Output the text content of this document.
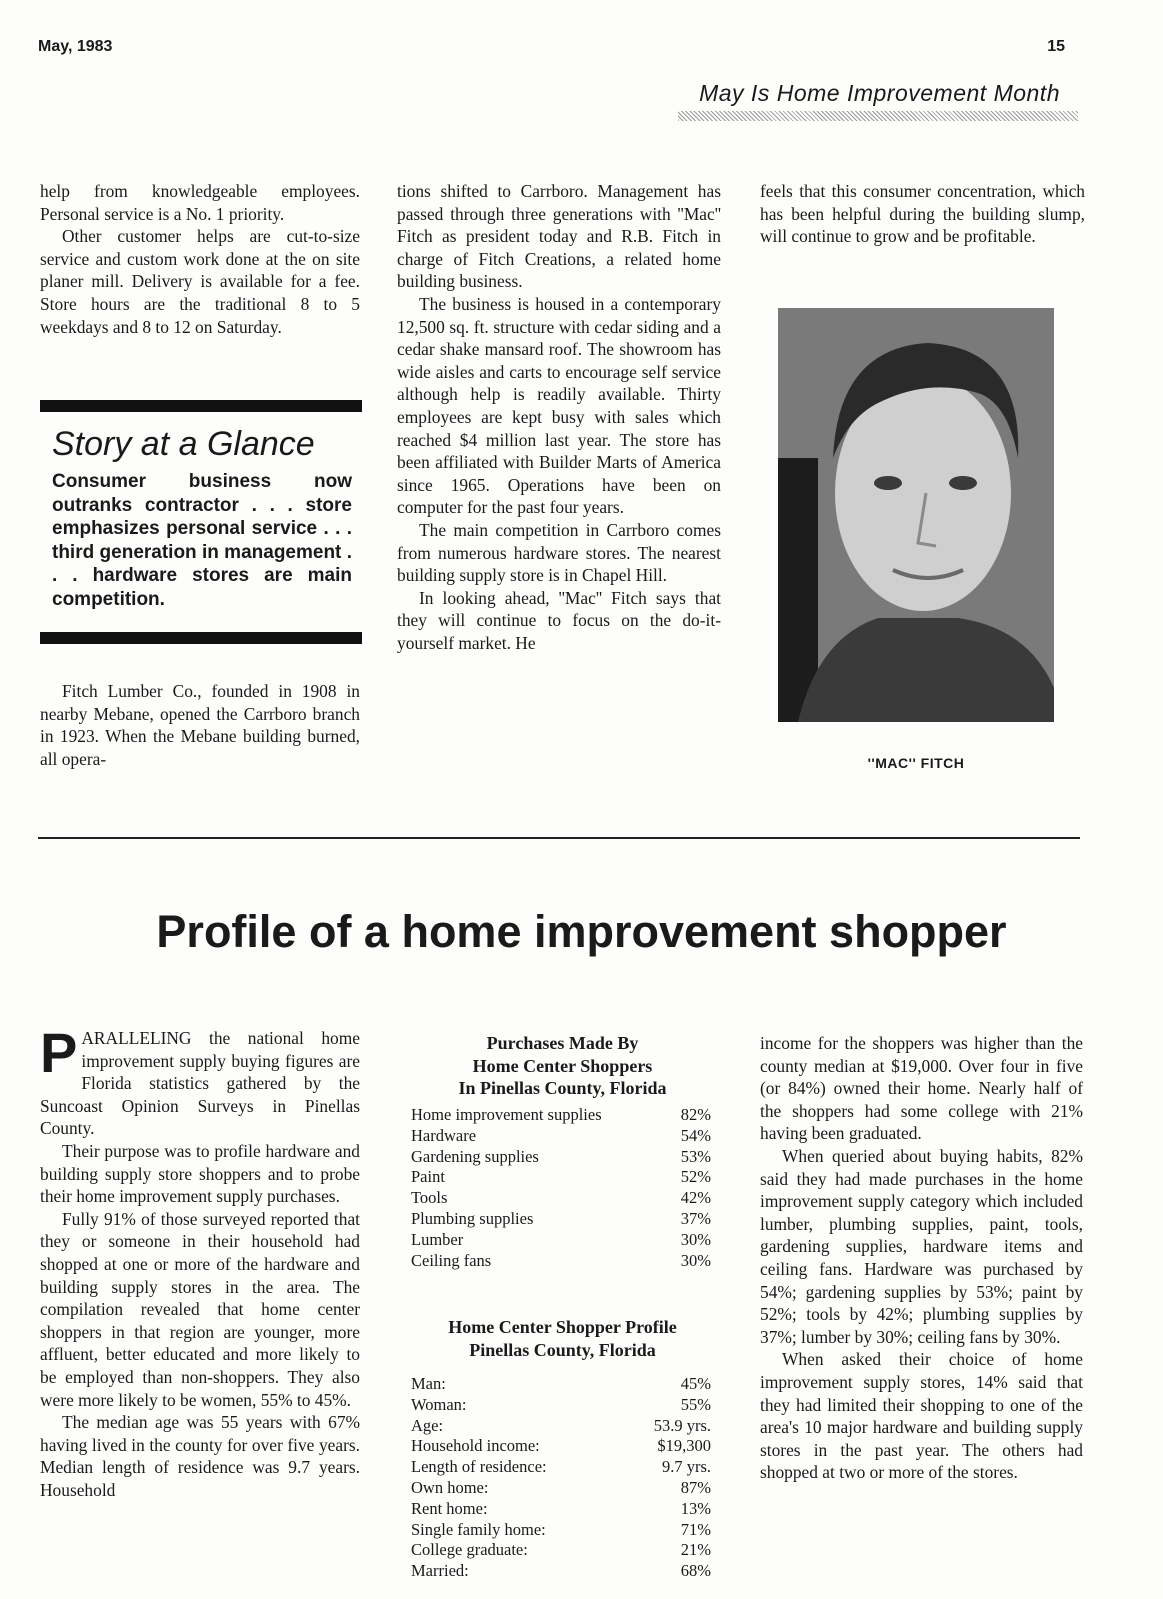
May, 1983	15
May Is Home Improvement Month

help from knowledgeable employees. Personal service is a No. 1 priority.

Other customer helps are cut-to-size service and custom work done at the on site planer mill. Delivery is available for a fee. Store hours are the traditional 8 to 5 weekdays and 8 to 12 on Saturday.

Story at a Glance
Consumer business now outranks contractor . . . store emphasizes personal service . . . third generation in management . . . hardware stores are main competition.

Fitch Lumber Co., founded in 1908 in nearby Mebane, opened the Carrboro branch in 1923. When the Mebane building burned, all opera-

tions shifted to Carrboro. Management has passed through three generations with ''Mac'' Fitch as president today and R.B. Fitch in charge of Fitch Creations, a related home building business.

The business is housed in a contemporary 12,500 sq. ft. structure with cedar siding and a cedar shake mansard roof. The showroom has wide aisles and carts to encourage self service although help is readily available. Thirty employees are kept busy with sales which reached $4 million last year. The store has been affiliated with Builder Marts of America since 1965. Operations have been on computer for the past four years.

The main competition in Carrboro comes from numerous hardware stores. The nearest building supply store is in Chapel Hill.

In looking ahead, ''Mac'' Fitch says that they will continue to focus on the do-it-yourself market. He

feels that this consumer concentration, which has been helpful during the building slump, will continue to grow and be profitable.

''MAC'' FITCH
Profile of a home improvement shopper

PARALLELING the national home improvement supply buying figures are Florida statistics gathered by the Suncoast Opinion Surveys in Pinellas County.

Their purpose was to profile hardware and building supply store shoppers and to probe their home improvement supply purchases.

Fully 91% of those surveyed reported that they or someone in their household had shopped at one or more of the hardware and building supply stores in the area. The compilation revealed that home center shoppers in that region are younger, more affluent, better educated and more likely to be employed than non-shoppers. They also were more likely to be women, 55% to 45%.

The median age was 55 years with 67% having lived in the county for over five years. Median length of residence was 9.7 years. Household

Purchases Made By
Home Center Shoppers
In Pinellas County, Florida
Home improvement supplies	82%
Hardware	54%
Gardening supplies	53%
Paint	52%
Tools	42%
Plumbing supplies	37%
Lumber	30%
Ceiling fans	30%
Home Center Shopper Profile
Pinellas County, Florida
Man:	45%
Woman:	55%
Age:	53.9 yrs.
Household income:	$19,300
Length of residence:	9.7 yrs.
Own home:	87%
Rent home:	13%
Single family home:	71%
College graduate:	21%
Married:	68%

income for the shoppers was higher than the county median at $19,000. Over four in five (or 84%) owned their home. Nearly half of the shoppers had some college with 21% having been graduated.

When queried about buying habits, 82% said they had made purchases in the home improvement supply category which included lumber, plumbing supplies, paint, tools, gardening supplies, hardware items and ceiling fans. Hardware was purchased by 54%; gardening supplies by 53%; paint by 52%; tools by 42%; plumbing supplies by 37%; lumber by 30%; ceiling fans by 30%.

When asked their choice of home improvement supply stores, 14% said that they had limited their shopping to one of the area's 10 major hardware and building supply stores in the past year. The others had shopped at two or more of the stores.
